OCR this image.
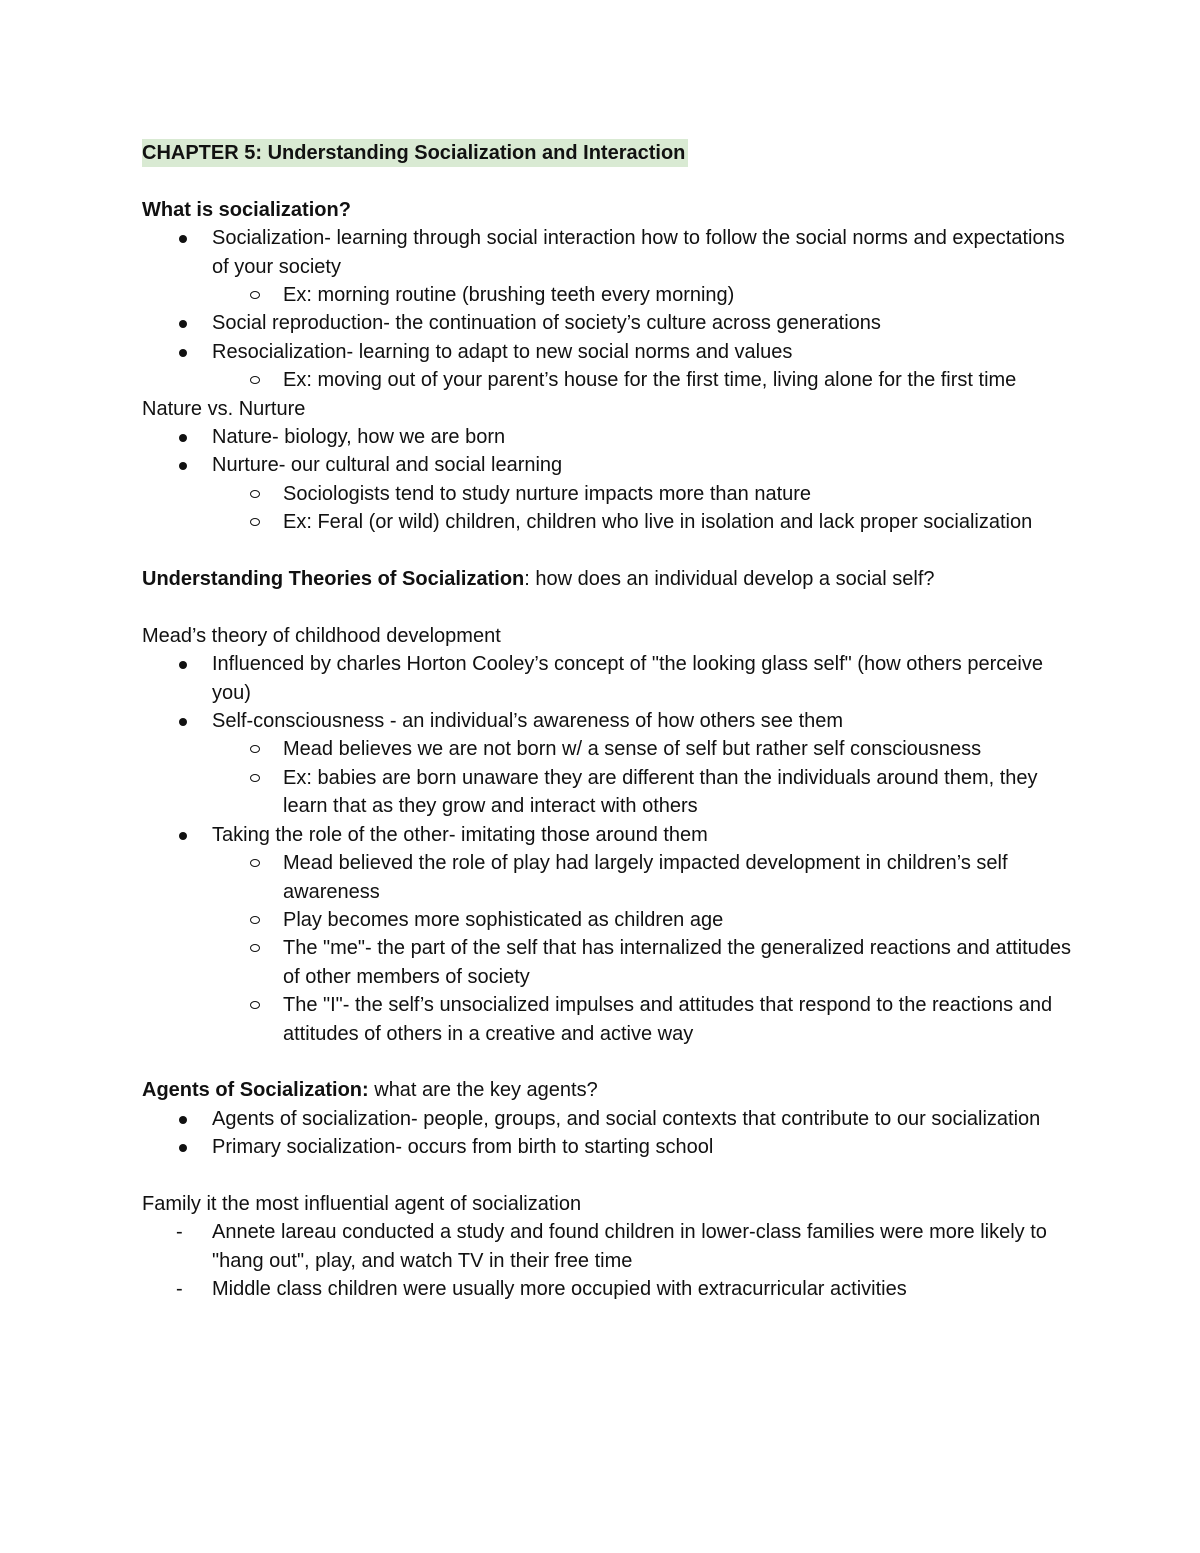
CHAPTER 5: Understanding Socialization and Interaction

What is socialization?

Socialization- learning through social interaction how to follow the social norms and expectations of your society
Ex: morning routine (brushing teeth every morning)
Social reproduction- the continuation of society’s culture across generations
Resocialization- learning to adapt to new social norms and values
Ex: moving out of your parent’s house for the first time, living alone for the first time

Nature vs. Nurture

Nature- biology, how we are born
Nurture- our cultural and social learning
Sociologists tend to study nurture impacts more than nature
Ex: Feral (or wild) children, children who live in isolation and lack proper socialization

Understanding Theories of Socialization: how does an individual develop a social self?

Mead’s theory of childhood development

Influenced by charles Horton Cooley’s concept of "the looking glass self" (how others perceive you)
Self-consciousness - an individual’s awareness of how others see them
Mead believes we are not born w/ a sense of self but rather self consciousness
Ex: babies are born unaware they are different than the individuals around them, they learn that as they grow and interact with others
Taking the role of the other- imitating those around them
Mead believed the role of play had largely impacted development in children’s self awareness
Play becomes more sophisticated as children age
The "me"- the part of the self that has internalized the generalized reactions and attitudes of other members of society
The "I"- the self’s unsocialized impulses and attitudes that respond to the reactions and attitudes of others in a creative and active way

Agents of Socialization: what are the key agents?

Agents of socialization- people, groups, and social contexts that contribute to our socialization
Primary socialization- occurs from birth to starting school

Family it the most influential agent of socialization

- Annete lareau conducted a study and found children in lower-class families were more likely to "hang out", play, and watch TV in their free time
- Middle class children were usually more occupied with extracurricular activities
